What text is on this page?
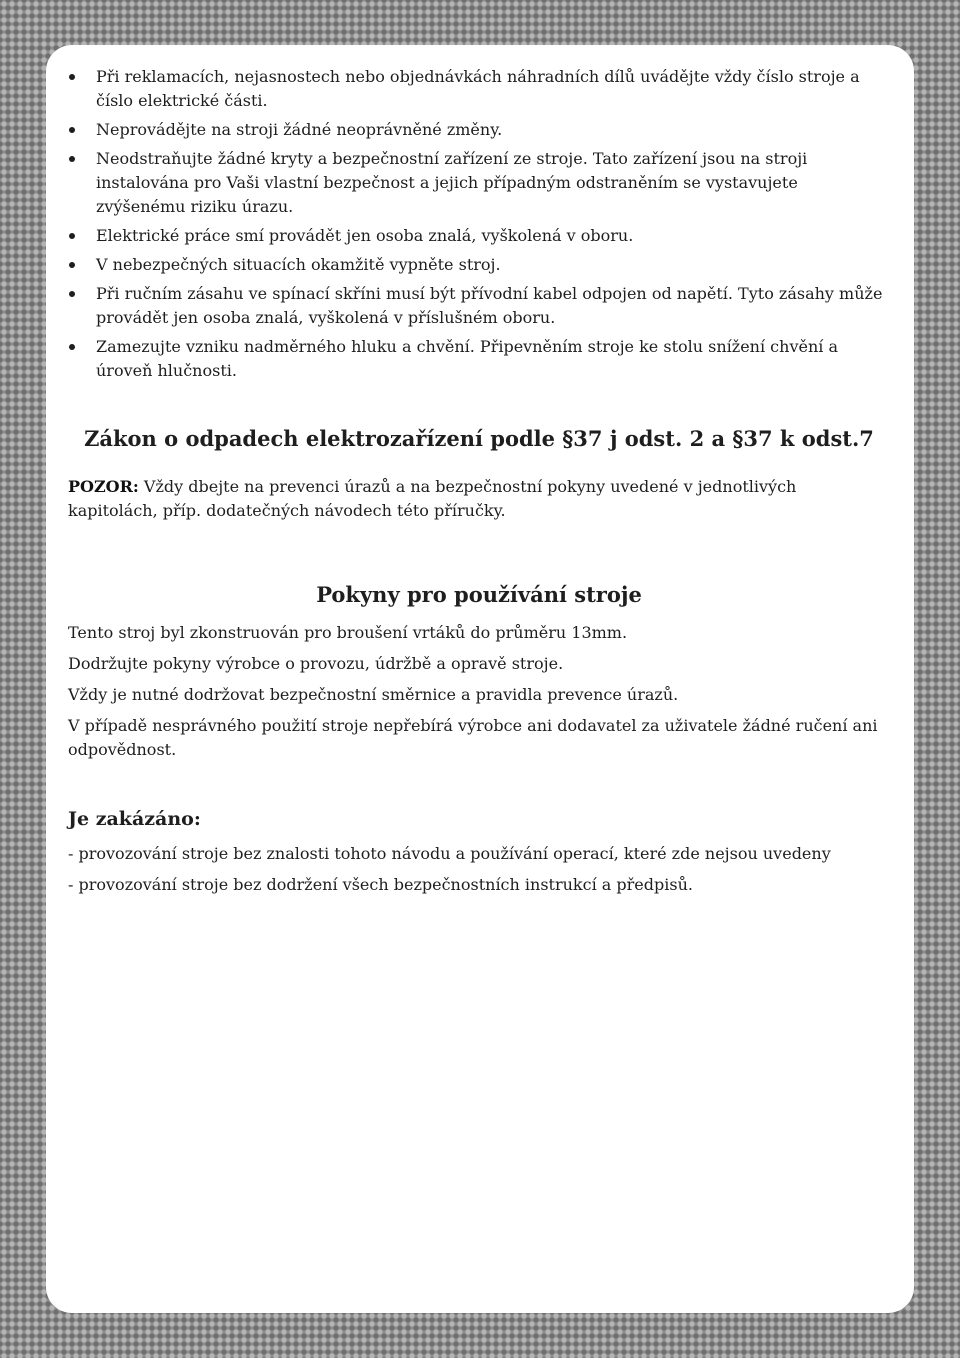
Při reklamacích, nejasnostech nebo objednávkách náhradních dílů uvádějte vždy číslo stroje a číslo elektrické části.
Neprovádějte na stroji žádné neoprávněné změny.
Neodstraňujte žádné kryty a bezpečnostní zařízení ze stroje. Tato zařízení jsou na stroji instalována pro Vaši vlastní bezpečnost a jejich případným odstraněním se vystavujete zvýšenému riziku úrazu.
Elektrické práce smí provádět jen osoba znalá, vyškolená v oboru.
V nebezpečných situacích okamžitě vypněte stroj.
Při ručním zásahu ve spínací skříni musí být přívodní kabel odpojen od napětí. Tyto zásahy může provádět jen osoba znalá, vyškolená v příslušném oboru.
Zamezujte vzniku nadměrného hluku a chvění. Připevněním stroje ke stolu snížení chvění a úroveň hlučnosti.
Zákon o odpadech elektrozařízení podle §37 j odst. 2 a §37 k odst.7

POZOR: Vždy dbejte na prevenci úrazů a na bezpečnostní pokyny uvedené v jednotlivých kapitolách, příp. dodatečných návodech této příručky.

Pokyny pro používání stroje

Tento stroj byl zkonstruován pro broušení vrtáků do průměru 13mm.

Dodržujte pokyny výrobce o provozu, údržbě a opravě stroje.

Vždy je nutné dodržovat bezpečnostní směrnice a pravidla prevence úrazů.

V případě nesprávného použití stroje nepřebírá výrobce ani dodavatel za uživatele žádné ručení ani odpovědnost.

Je zakázáno:

- provozování stroje bez znalosti tohoto návodu a používání operací, které zde nejsou uvedeny

- provozování stroje bez dodržení všech bezpečnostních instrukcí a předpisů.
